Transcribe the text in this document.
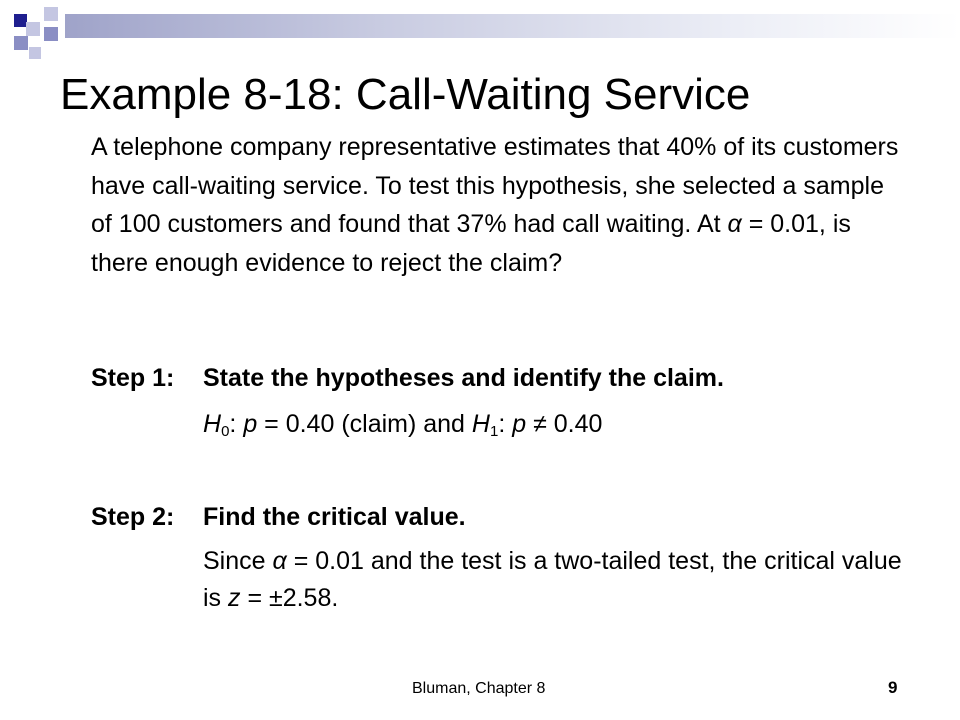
Example 8-18: Call-Waiting Service

A telephone company representative estimates that 40% of its customers have call-waiting service. To test this hypothesis, she selected a sample of 100 customers and found that 37% had call waiting. At α = 0.01, is there enough evidence to reject the claim?

Step 1: State the hypotheses and identify the claim.

$H_0$: p = 0.40 (claim) and $H_1$: p ≠ 0.40

Step 2: Find the critical value.

Since α = 0.01 and the test is a two-tailed test, the critical value is z = ±2.58.

Bluman, Chapter 8	9
